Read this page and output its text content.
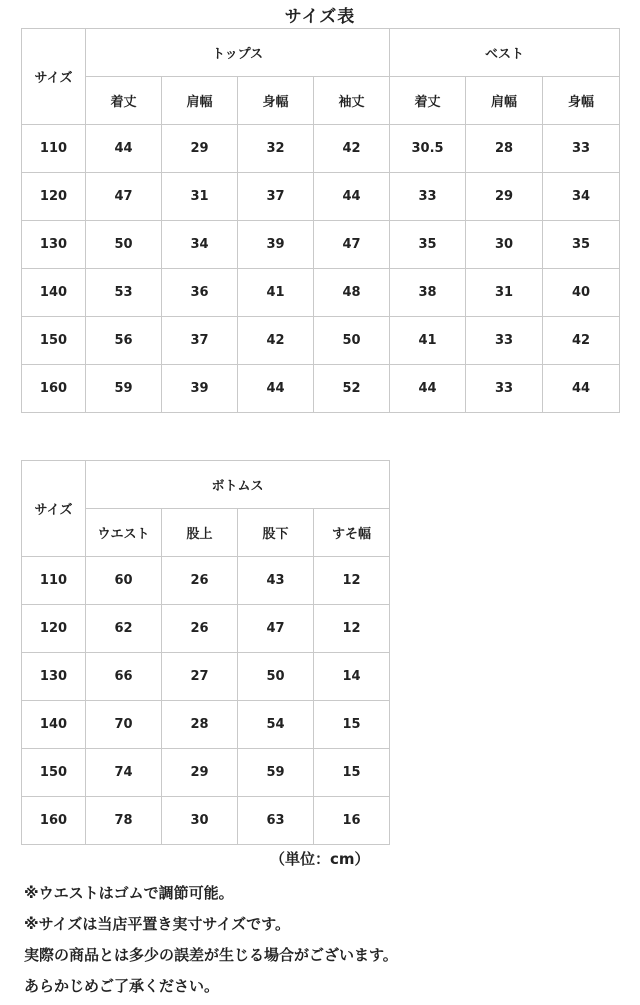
サイズ表
サイズ	トップス				ベスト		
	着丈	肩幅	身幅	袖丈	着丈	肩幅	身幅
110	44	29	32	42	30.5	28	33
120	47	31	37	44	33	29	34
130	50	34	39	47	35	30	35
140	53	36	41	48	38	31	40
150	56	37	42	50	41	33	42
160	59	39	44	52	44	33	44
サイズ	ボトムス			
	ウエスト	股上	股下	すそ幅
110	60	26	43	12
120	62	26	47	12
130	66	27	50	14
140	70	28	54	15
150	74	29	59	15
160	78	30	63	16
（単位：cm）
※ウエストはゴムで調節可能。
※サイズは当店平置き実寸サイズです。
実際の商品とは多少の誤差が生じる場合がございます。
あらかじめご了承ください。
